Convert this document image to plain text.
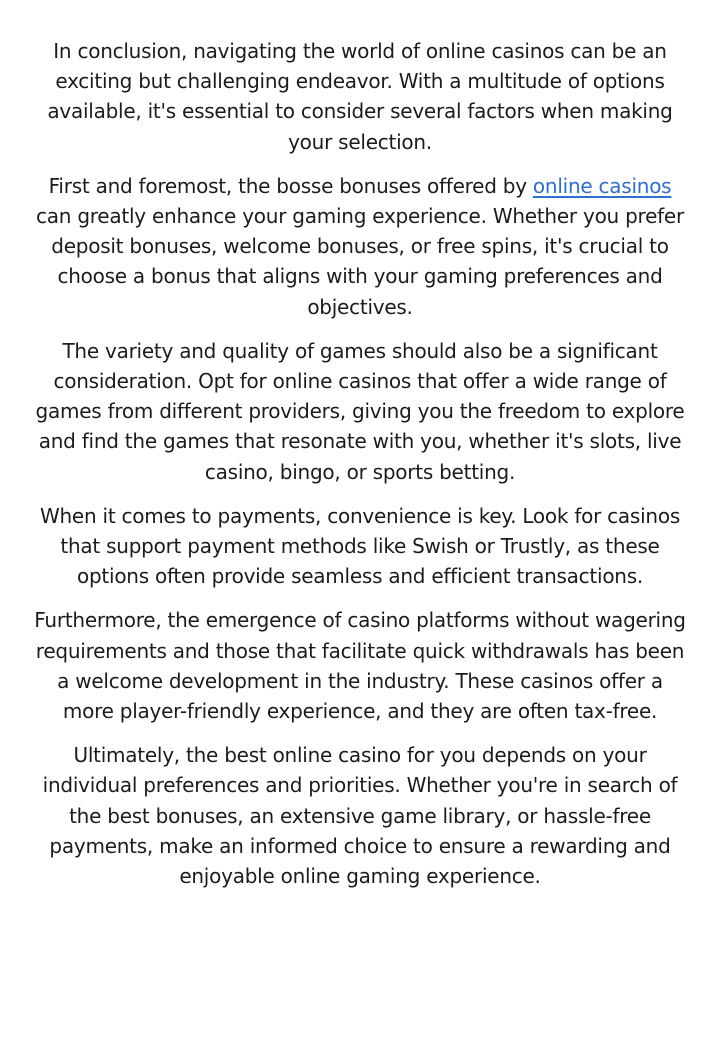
In conclusion, navigating the world of online casinos can be an exciting but challenging endeavor. With a multitude of options available, it's essential to consider several factors when making your selection.

First and foremost, the bosse bonuses offered by online casinos can greatly enhance your gaming experience. Whether you prefer deposit bonuses, welcome bonuses, or free spins, it's crucial to choose a bonus that aligns with your gaming preferences and objectives.

The variety and quality of games should also be a significant consideration. Opt for online casinos that offer a wide range of games from different providers, giving you the freedom to explore and find the games that resonate with you, whether it's slots, live casino, bingo, or sports betting.

When it comes to payments, convenience is key. Look for casinos that support payment methods like Swish or Trustly, as these options often provide seamless and efficient transactions.

Furthermore, the emergence of casino platforms without wagering requirements and those that facilitate quick withdrawals has been a welcome development in the industry. These casinos offer a more player-friendly experience, and they are often tax-free.

Ultimately, the best online casino for you depends on your individual preferences and priorities. Whether you're in search of the best bonuses, an extensive game library, or hassle-free payments, make an informed choice to ensure a rewarding and enjoyable online gaming experience.
